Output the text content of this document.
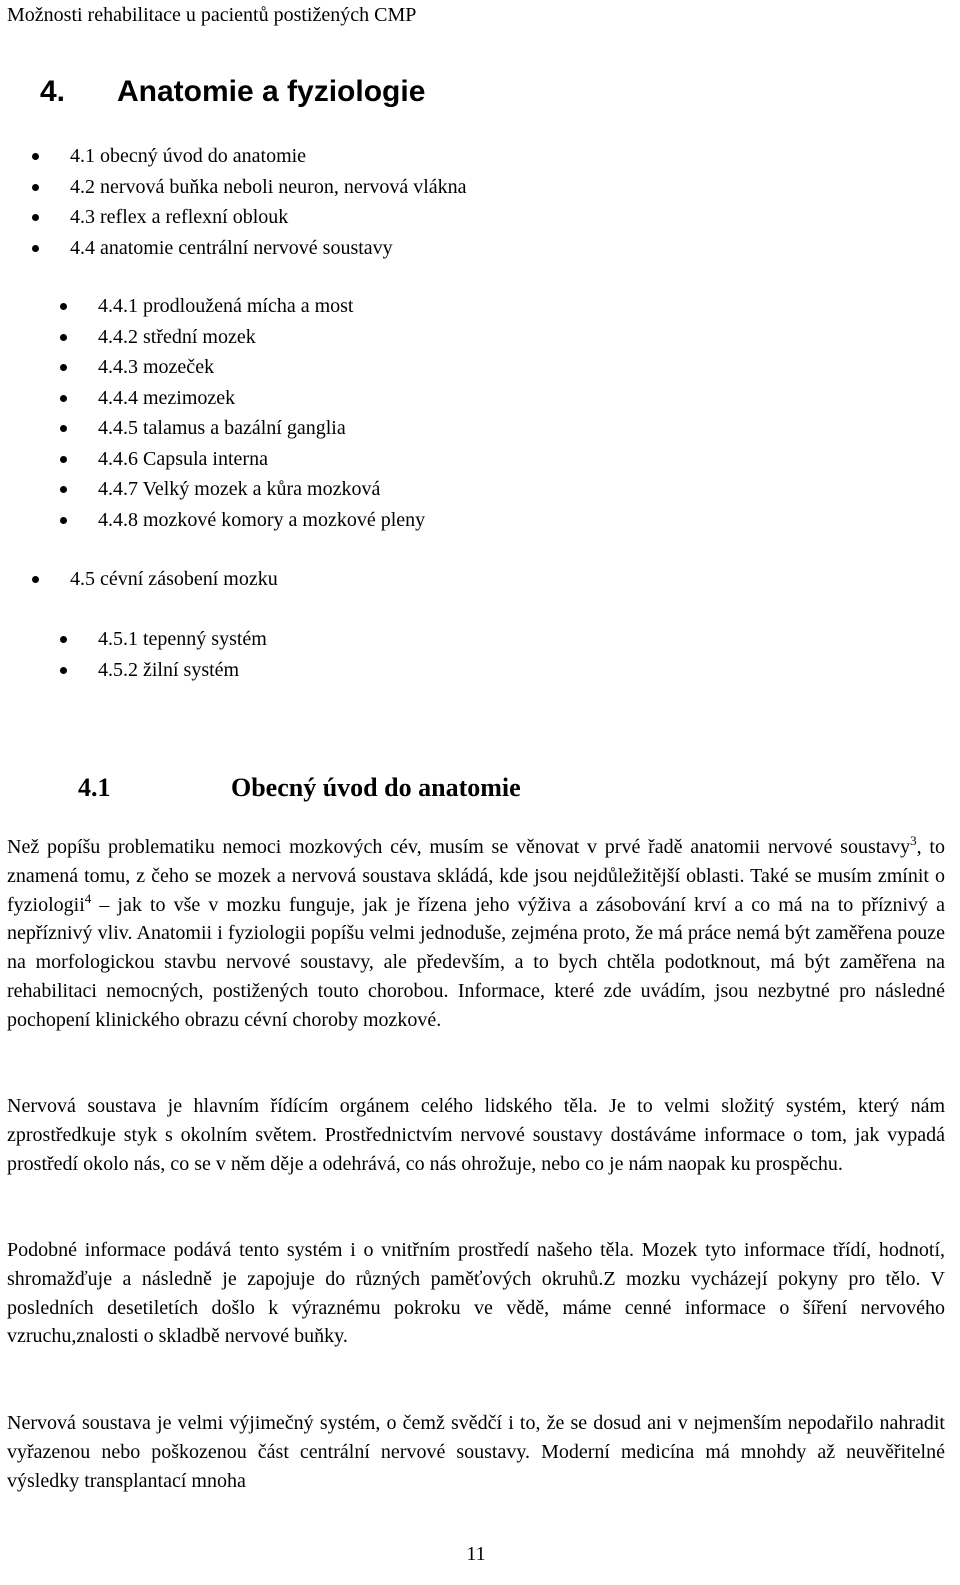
Možnosti rehabilitace u pacientů postižených CMP
4. Anatomie a fyziologie
4.1 obecný úvod do anatomie
4.2 nervová buňka neboli neuron, nervová vlákna
4.3 reflex a reflexní oblouk
4.4 anatomie centrální nervové soustavy
4.4.1 prodloužená mícha a most
4.4.2 střední mozek
4.4.3 mozeček
4.4.4 mezimozek
4.4.5 talamus a bazální ganglia
4.4.6 Capsula interna
4.4.7 Velký mozek a kůra mozková
4.4.8 mozkové komory a mozkové pleny
4.5 cévní zásobení mozku
4.5.1 tepenný systém
4.5.2 žilní systém
4.1	Obecný úvod do anatomie

Než popíšu problematiku nemoci mozkových cév, musím se věnovat v prvé řadě anatomii nervové soustavy$^3$, to znamená tomu, z čeho se mozek a nervová soustava skládá, kde jsou nejdůležitější oblasti. Také se musím zmínit o fyziologii$^4$ – jak to vše v mozku funguje, jak je řízena jeho výživa a zásobování krví a co má na to příznivý a nepříznivý vliv. Anatomii i fyziologii popíšu velmi jednoduše, zejména proto, že má práce nemá být zaměřena pouze na morfologickou stavbu nervové soustavy, ale především, a to bych chtěla podotknout, má být zaměřena na rehabilitaci nemocných, postižených touto chorobou. Informace, které zde uvádím, jsou nezbytné pro následné pochopení klinického obrazu cévní choroby mozkové.

Nervová soustava je hlavním řídícím orgánem celého lidského těla. Je to velmi složitý systém, který nám zprostředkuje styk s okolním světem. Prostřednictvím nervové soustavy dostáváme informace o tom, jak vypadá prostředí okolo nás, co se v něm děje a odehrává, co nás ohrožuje, nebo co je nám naopak ku prospěchu.

Podobné informace podává tento systém i o vnitřním prostředí našeho těla. Mozek tyto informace třídí, hodnotí, shromažďuje a následně je zapojuje do různých paměťových okruhů.Z mozku vycházejí pokyny pro tělo. V posledních desetiletích došlo k výraznému pokroku ve vědě, máme cenné informace o šíření nervového vzruchu,znalosti o skladbě nervové buňky.

Nervová soustava je velmi výjimečný systém, o čemž svědčí i to, že se dosud ani v nejmenším nepodařilo nahradit vyřazenou nebo poškozenou část centrální nervové soustavy. Moderní medicína má mnohdy až neuvěřitelné výsledky transplantací mnoha

11
